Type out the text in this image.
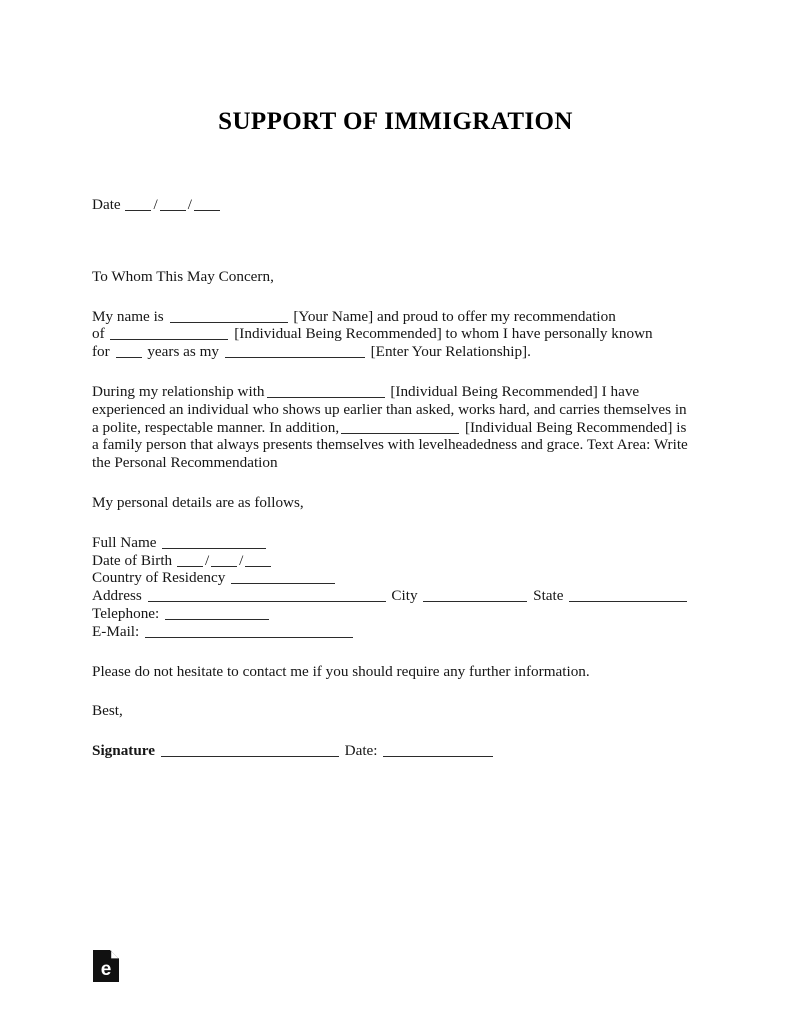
SUPPORT OF IMMIGRATION
Date / /
To Whom This May Concern,
My name is	[Your Name] and proud to offer my recommendation
of	[Individual Being Recommended] to whom I have personally known
for years as my	[Enter Your Relationship].

During my relationship with	[Individual Being Recommended] I have experienced an individual who shows up earlier than asked, works hard, and carries themselves in a polite, respectable manner. In addition,	[Individual Being Recommended] is a family person that always presents themselves with levelheadedness and grace. Text Area: Write the Personal Recommendation

My personal details are as follows,
Full Name
Date of Birth / /
Country of Residency
Address	City	State
Telephone:
E-Mail:
Please do not hesitate to contact me if you should require any further information.
Best,
Signature	Date:
e
